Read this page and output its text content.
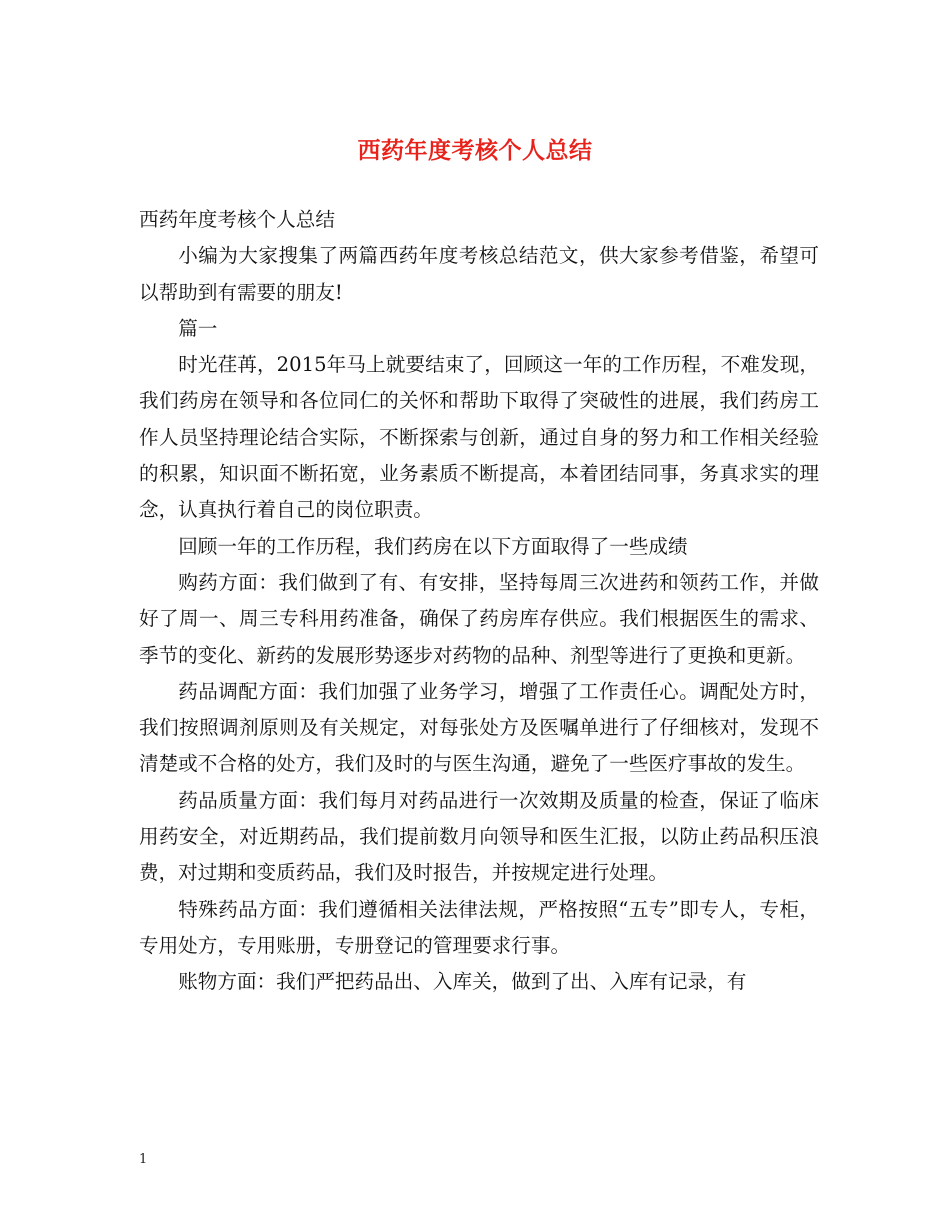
西药年度考核个人总结

西药年度考核个人总结

小编为大家搜集了两篇西药年度考核总结范文，供大家参考借鉴，希望可以帮助到有需要的朋友!

篇一

时光荏苒，2015年马上就要结束了，回顾这一年的工作历程，不难发现，我们药房在领导和各位同仁的关怀和帮助下取得了突破性的进展，我们药房工作人员坚持理论结合实际，不断探索与创新，通过自身的努力和工作相关经验的积累，知识面不断拓宽，业务素质不断提高，本着团结同事，务真求实的理念，认真执行着自己的岗位职责。

回顾一年的工作历程，我们药房在以下方面取得了一些成绩

购药方面：我们做到了有、有安排，坚持每周三次进药和领药工作，并做好了周一、周三专科用药准备，确保了药房库存供应。我们根据医生的需求、季节的变化、新药的发展形势逐步对药物的品种、剂型等进行了更换和更新。

药品调配方面：我们加强了业务学习，增强了工作责任心。调配处方时，我们按照调剂原则及有关规定，对每张处方及医嘱单进行了仔细核对，发现不清楚或不合格的处方，我们及时的与医生沟通，避免了一些医疗事故的发生。

药品质量方面：我们每月对药品进行一次效期及质量的检查，保证了临床用药安全，对近期药品，我们提前数月向领导和医生汇报，以防止药品积压浪费，对过期和变质药品，我们及时报告，并按规定进行处理。

特殊药品方面：我们遵循相关法律法规，严格按照“五专”即专人，专柜，专用处方，专用账册，专册登记的管理要求行事。

账物方面：我们严把药品出、入库关，做到了出、入库有记录，有

1
